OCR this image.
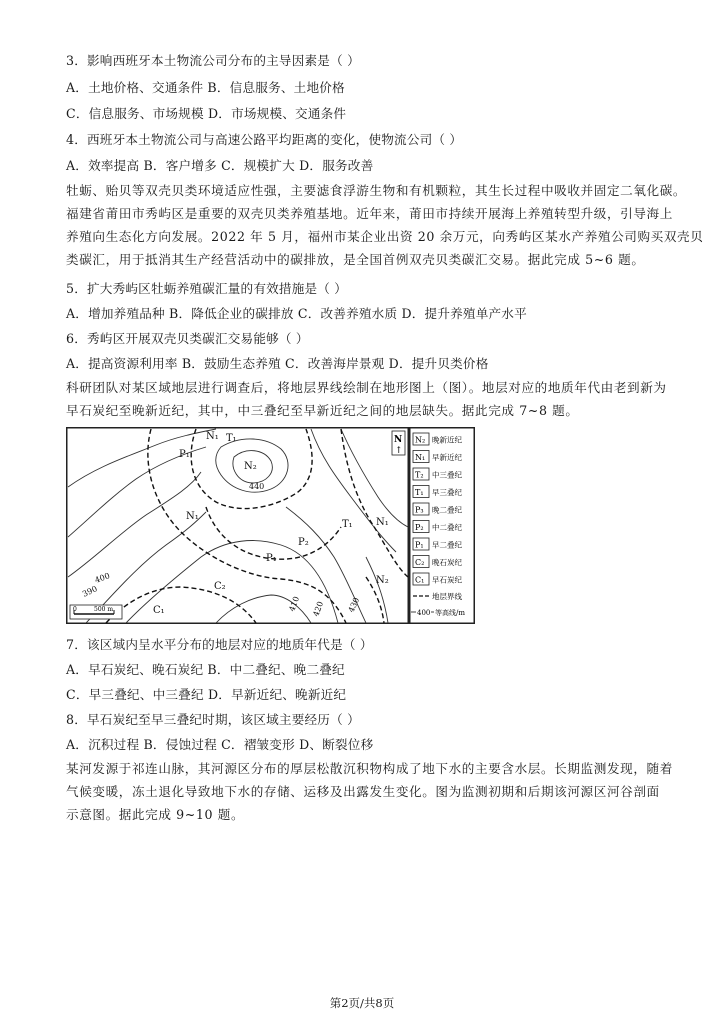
3．影响西班牙本土物流公司分布的主导因素是（ ）
A．土地价格、交通条件 B．信息服务、土地价格
C．信息服务、市场规模 D．市场规模、交通条件
4．西班牙本土物流公司与高速公路平均距离的变化，使物流公司（ ）
A．效率提高 B．客户增多 C．规模扩大 D．服务改善
牡蛎、贻贝等双壳贝类环境适应性强，主要滤食浮游生物和有机颗粒，其生长过程中吸收并固定二氧化碳。
福建省莆田市秀屿区是重要的双壳贝类养殖基地。近年来，莆田市持续开展海上养殖转型升级，引导海上
养殖向生态化方向发展。2022 年 5 月，福州市某企业出资 20 余万元，向秀屿区某水产养殖公司购买双壳贝
类碳汇，用于抵消其生产经营活动中的碳排放，是全国首例双壳贝类碳汇交易。据此完成 5~6 题。
5．扩大秀屿区牡蛎养殖碳汇量的有效措施是（ ）
A．增加养殖品种 B．降低企业的碳排放 C．改善养殖水质 D．提升养殖单产水平
6．秀屿区开展双壳贝类碳汇交易能够（ ）
A．提高资源利用率 B．鼓励生态养殖 C．改善海岸景观 D．提升贝类价格
科研团队对某区域地层进行调查后，将地层界线绘制在地形图上（图）。地层对应的地质年代由老到新为
早石炭纪至晚新近纪，其中，中三叠纪至早新近纪之间的地层缺失。据此完成 7~8 题。
0	500 m
N
↑
P₁
T₁
N₁
N₂
N₁
T₁ N₁
P₂
P₁
C₂
C₁
N₂
440
400
390
410 420	430
N₂ 晚新近纪
N₁ 早新近纪
T₂ 中三叠纪
T₁ 早三叠纪
P₃ 晚二叠纪
P₂ 中二叠纪
P₁ 早二叠纪
C₂ 晚石炭纪
C₁ 早石炭纪
地层界线
400 等高线/m
7．该区域内呈水平分布的地层对应的地质年代是（ ）
A．早石炭纪、晚石炭纪 B．中二叠纪、晚二叠纪
C．早三叠纪、中三叠纪 D．早新近纪、晚新近纪
8．早石炭纪至早三叠纪时期，该区域主要经历（ ）
A．沉积过程 B．侵蚀过程 C．褶皱变形 D、断裂位移
某河发源于祁连山脉，其河源区分布的厚层松散沉积物构成了地下水的主要含水层。长期监测发现，随着
气候变暖，冻土退化导致地下水的存储、运移及出露发生变化。图为监测初期和后期该河源区河谷剖面
示意图。据此完成 9~10 题。
第2页/共8页
